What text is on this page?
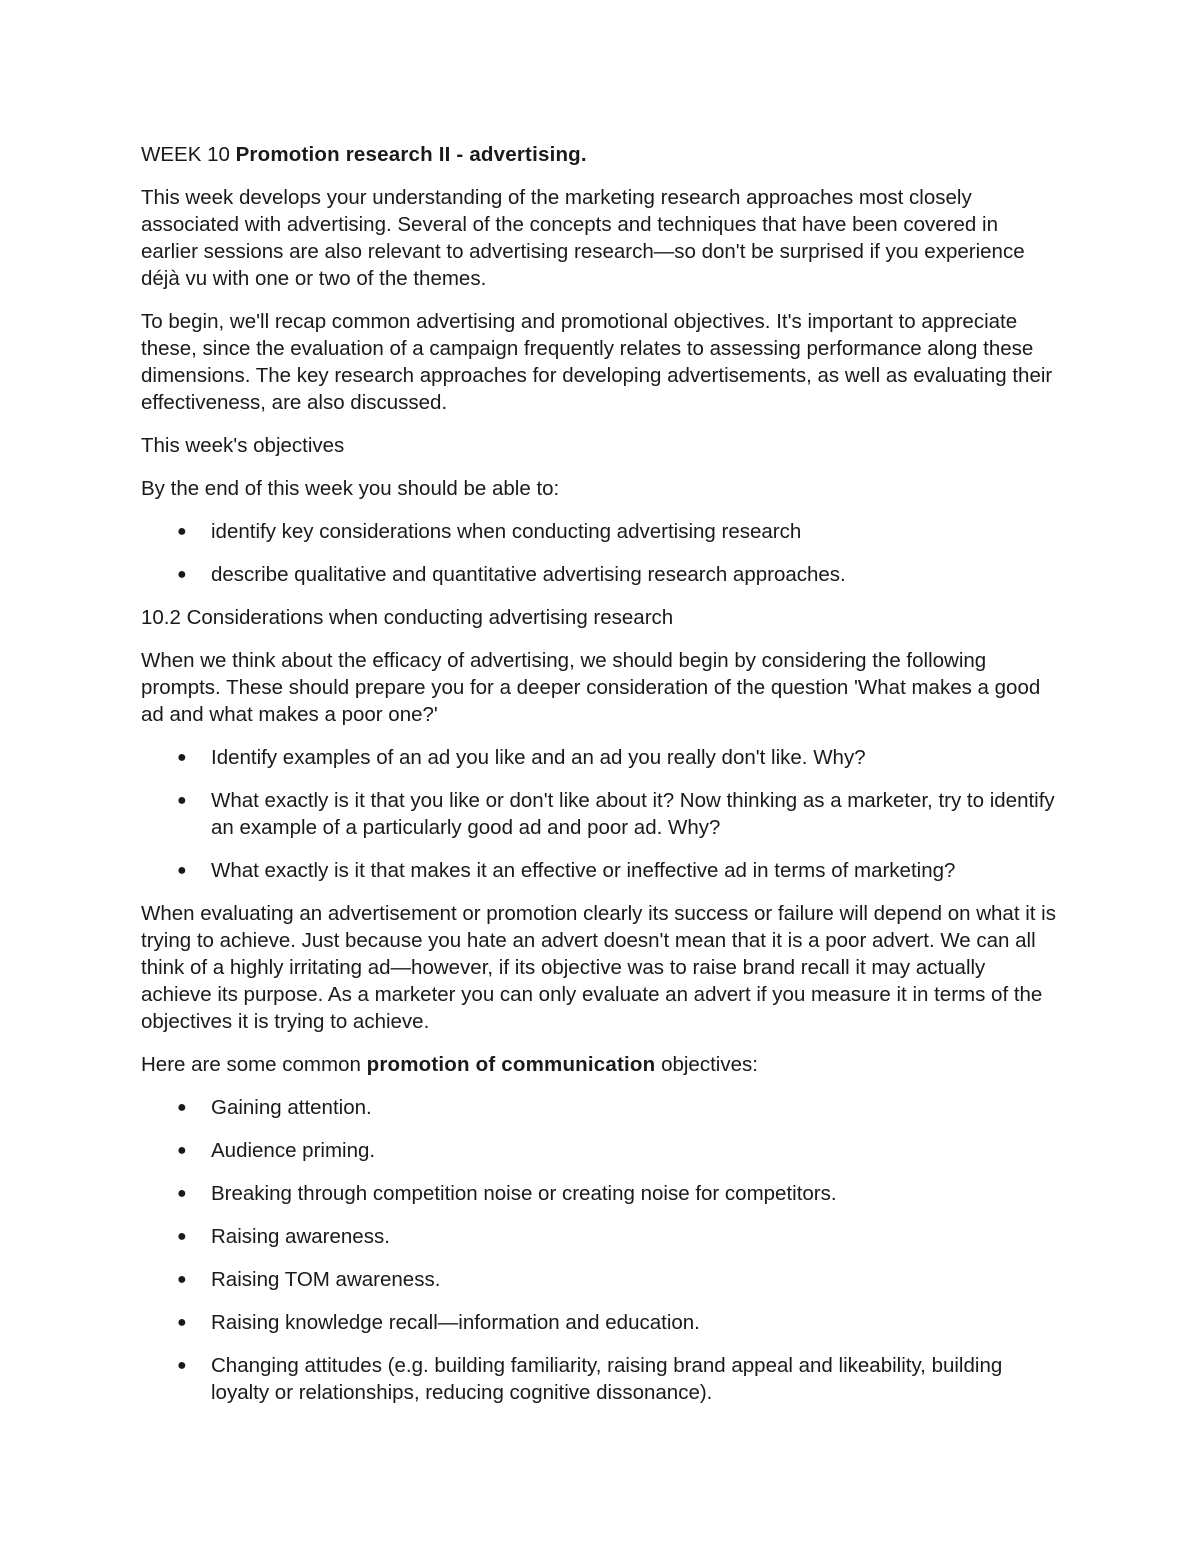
WEEK 10 Promotion research II - advertising.

This week develops your understanding of the marketing research approaches most closely associated with advertising. Several of the concepts and techniques that have been covered in earlier sessions are also relevant to advertising research—so don't be surprised if you experience déjà vu with one or two of the themes.

To begin, we'll recap common advertising and promotional objectives. It's important to appreciate these, since the evaluation of a campaign frequently relates to assessing performance along these dimensions. The key research approaches for developing advertisements, as well as evaluating their effectiveness, are also discussed.

This week's objectives

By the end of this week you should be able to:

● identify key considerations when conducting advertising research
● describe qualitative and quantitative advertising research approaches.

10.2 Considerations when conducting advertising research

When we think about the efficacy of advertising, we should begin by considering the following prompts. These should prepare you for a deeper consideration of the question 'What makes a good ad and what makes a poor one?'

● Identify examples of an ad you like and an ad you really don't like. Why?
● What exactly is it that you like or don't like about it? Now thinking as a marketer, try to identify an example of a particularly good ad and poor ad. Why?
● What exactly is it that makes it an effective or ineffective ad in terms of marketing?

When evaluating an advertisement or promotion clearly its success or failure will depend on what it is trying to achieve. Just because you hate an advert doesn't mean that it is a poor advert. We can all think of a highly irritating ad—however, if its objective was to raise brand recall it may actually achieve its purpose. As a marketer you can only evaluate an advert if you measure it in terms of the objectives it is trying to achieve.

Here are some common promotion of communication objectives:

● Gaining attention.
● Audience priming.
● Breaking through competition noise or creating noise for competitors.
● Raising awareness.
● Raising TOM awareness.
● Raising knowledge recall—information and education.
● Changing attitudes (e.g. building familiarity, raising brand appeal and likeability, building loyalty or relationships, reducing cognitive dissonance).
